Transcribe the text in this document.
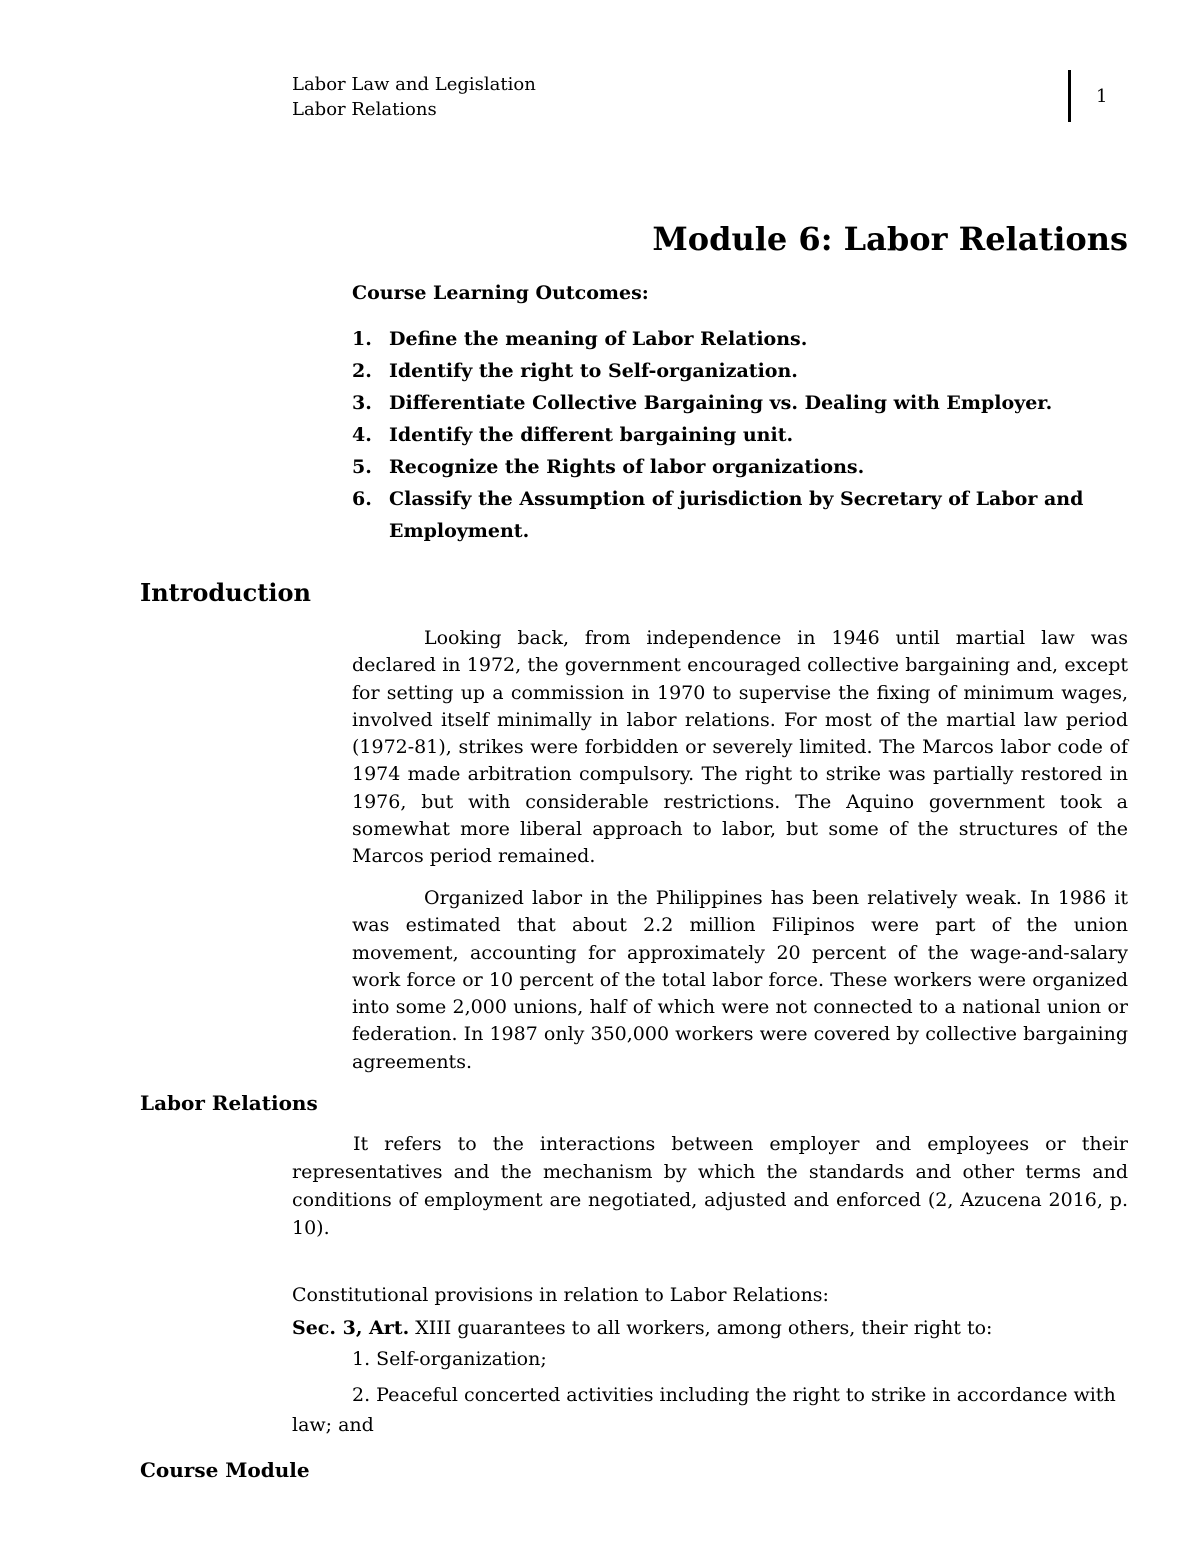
Labor Law and Legislation
Labor Relations
1
Module 6: Labor Relations
Course Learning Outcomes:
1. Define the meaning of Labor Relations.
2. Identify the right to Self-organization.
3. Differentiate Collective Bargaining vs. Dealing with Employer.
4. Identify the different bargaining unit.
5. Recognize the Rights of labor organizations.
6. Classify the Assumption of jurisdiction by Secretary of Labor and Employment.
Introduction

Looking back, from independence in 1946 until martial law was declared in 1972, the government encouraged collective bargaining and, except for setting up a commission in 1970 to supervise the fixing of minimum wages, involved itself minimally in labor relations. For most of the martial law period (1972-81), strikes were forbidden or severely limited. The Marcos labor code of 1974 made arbitration compulsory. The right to strike was partially restored in 1976, but with considerable restrictions. The Aquino government took a somewhat more liberal approach to labor, but some of the structures of the Marcos period remained.

Organized labor in the Philippines has been relatively weak. In 1986 it was estimated that about 2.2 million Filipinos were part of the union movement, accounting for approximately 20 percent of the wage-and-salary work force or 10 percent of the total labor force. These workers were organized into some 2,000 unions, half of which were not connected to a national union or federation. In 1987 only 350,000 workers were covered by collective bargaining agreements.

Labor Relations

It refers to the interactions between employer and employees or their representatives and the mechanism by which the standards and other terms and conditions of employment are negotiated, adjusted and enforced (2, Azucena 2016, p. 10).

Constitutional provisions in relation to Labor Relations:
Sec. 3, Art. XIII guarantees to all workers, among others, their right to:
1. Self-organization;

2. Peaceful concerted activities including the right to strike in accordance with law; and

Course Module
